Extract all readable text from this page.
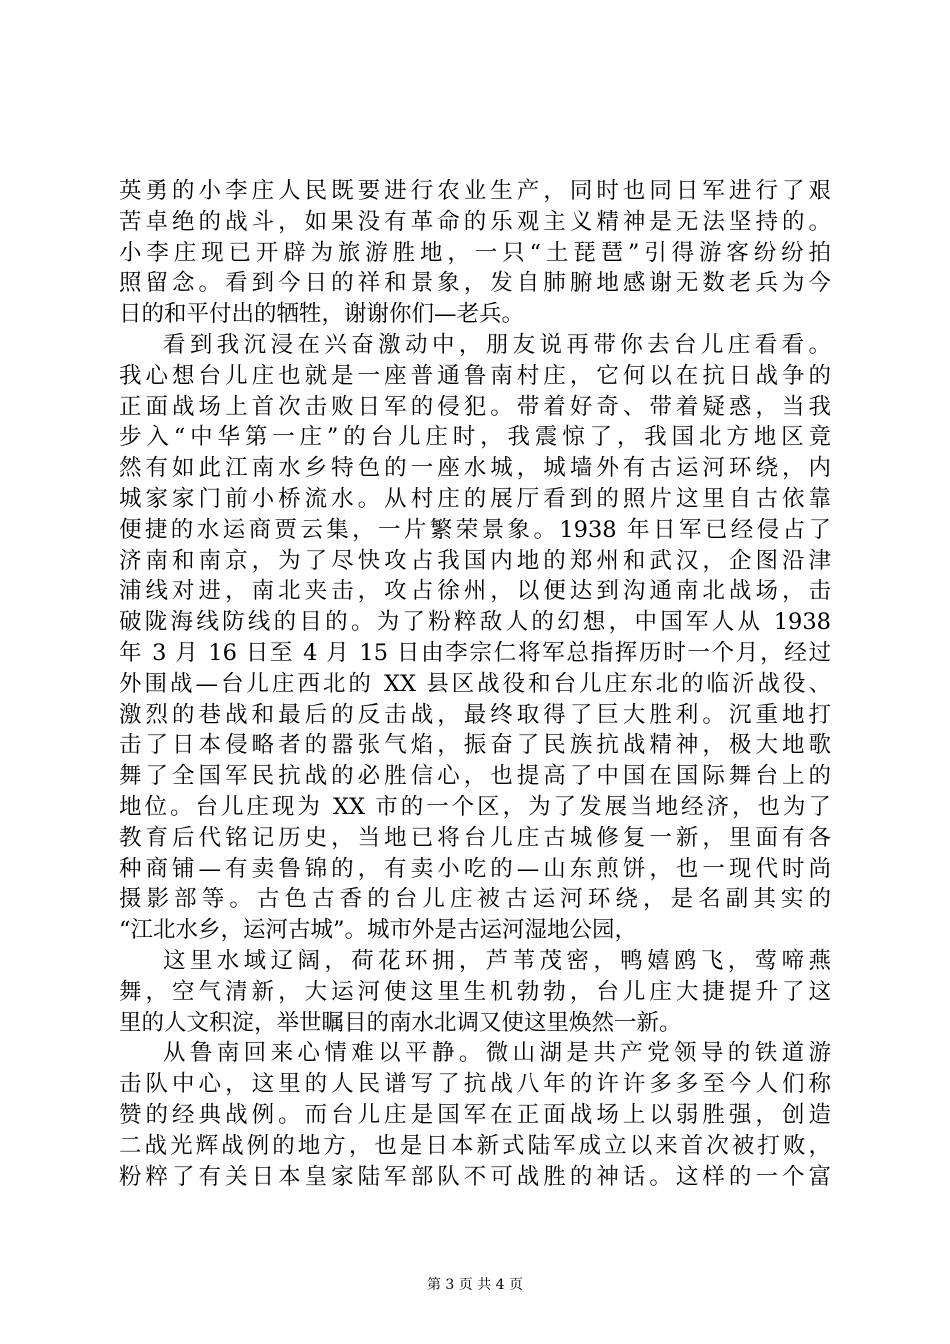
英勇的小李庄人民既要进行农业生产，同时也同日军进行了艰
苦卓绝的战斗，如果没有革命的乐观主义精神是无法坚持的。
小李庄现已开辟为旅游胜地，一只“土琵琶”引得游客纷纷拍
照留念。看到今日的祥和景象，发自肺腑地感谢无数老兵为今
日的和平付出的牺牲，谢谢你们—老兵。
看到我沉浸在兴奋激动中，朋友说再带你去台儿庄看看。
我心想台儿庄也就是一座普通鲁南村庄，它何以在抗日战争的
正面战场上首次击败日军的侵犯。带着好奇、带着疑惑，当我
步入“中华第一庄”的台儿庄时，我震惊了，我国北方地区竟
然有如此江南水乡特色的一座水城，城墙外有古运河环绕，内
城家家门前小桥流水。从村庄的展厅看到的照片这里自古依靠
便捷的水运商贾云集，一片繁荣景象。1938 年日军已经侵占了
济南和南京，为了尽快攻占我国内地的郑州和武汉，企图沿津
浦线对进，南北夹击，攻占徐州，以便达到沟通南北战场，击
破陇海线防线的目的。为了粉粹敌人的幻想，中国军人从 1938
年 3 月 16 日至 4 月 15 日由李宗仁将军总指挥历时一个月，经过
外围战—台儿庄西北的 XX 县区战役和台儿庄东北的临沂战役、
激烈的巷战和最后的反击战，最终取得了巨大胜利。沉重地打
击了日本侵略者的嚣张气焰，振奋了民族抗战精神，极大地歌
舞了全国军民抗战的必胜信心，也提高了中国在国际舞台上的
地位。台儿庄现为 XX 市的一个区，为了发展当地经济，也为了
教育后代铭记历史，当地已将台儿庄古城修复一新，里面有各
种商铺—有卖鲁锦的，有卖小吃的—山东煎饼，也一现代时尚
摄影部等。古色古香的台儿庄被古运河环绕，是名副其实的
“江北水乡，运河古城”。城市外是古运河湿地公园，
这里水域辽阔，荷花环拥，芦苇茂密，鸭嬉鸥飞，莺啼燕
舞，空气清新，大运河使这里生机勃勃，台儿庄大捷提升了这
里的人文积淀，举世瞩目的南水北调又使这里焕然一新。
从鲁南回来心情难以平静。微山湖是共产党领导的铁道游
击队中心，这里的人民谱写了抗战八年的许许多多至今人们称
赞的经典战例。而台儿庄是国军在正面战场上以弱胜强，创造
二战光辉战例的地方，也是日本新式陆军成立以来首次被打败，
粉粹了有关日本皇家陆军部队不可战胜的神话。这样的一个富
第 3 页 共 4 页
